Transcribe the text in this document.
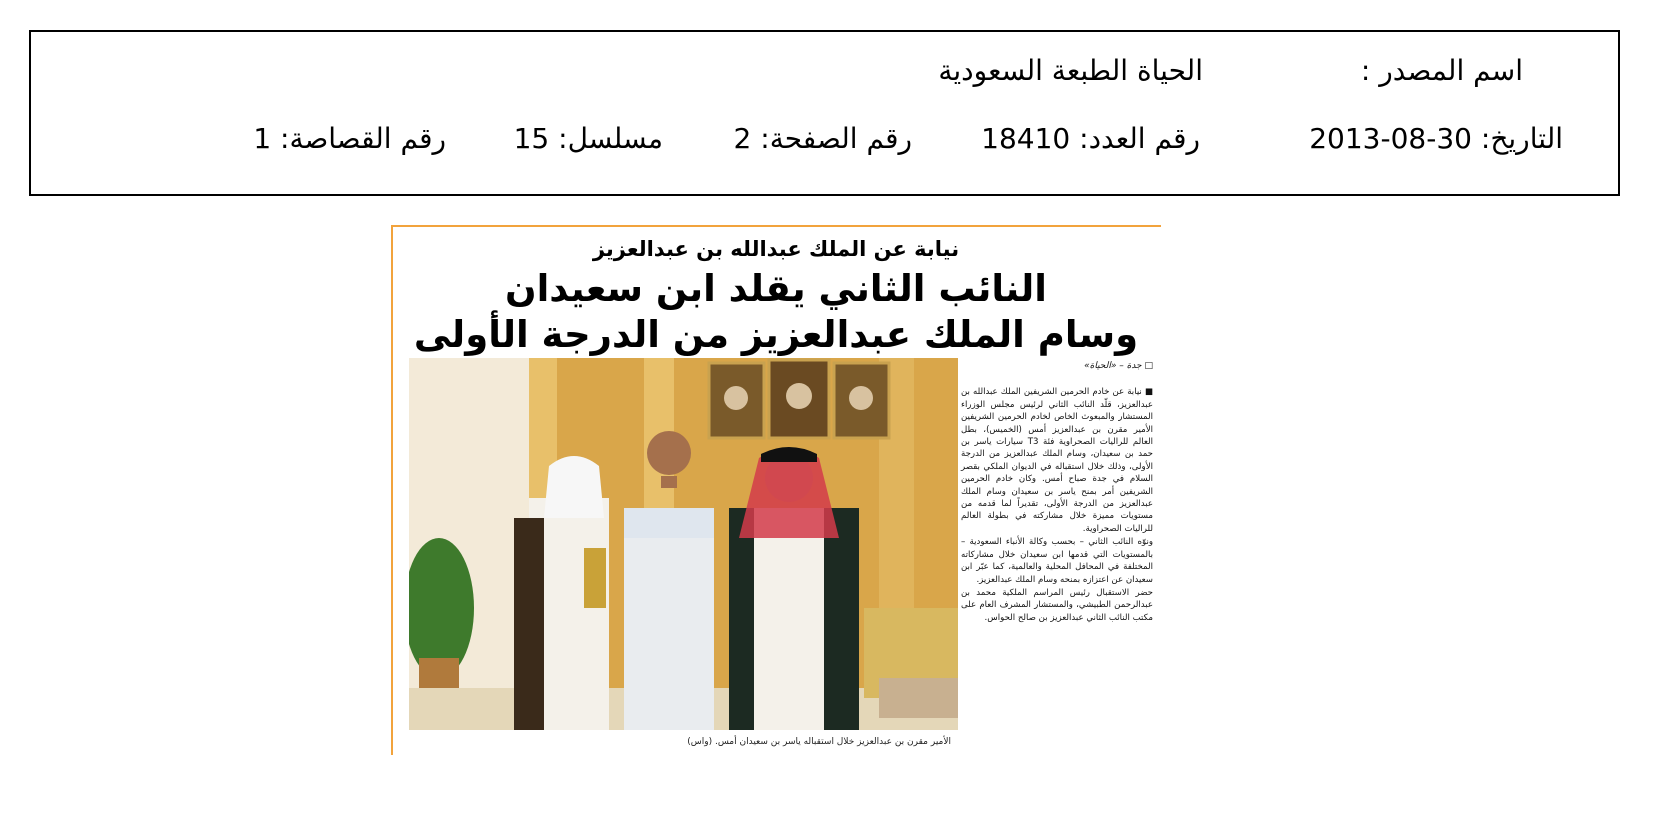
اسم المصدر :
الحياة الطبعة السعودية
التاريخ: 30-08-2013
رقم العدد: 18410
رقم الصفحة: 2
مسلسل: 15
رقم القصاصة: 1
نيابة عن الملك عبدالله بن عبدالعزيز
النائب الثاني يقلد ابن سعيدان
وسام الملك عبدالعزيز من الدرجة الأولى
الأمير مقرن بن عبدالعزيز خلال استقباله ياسر بن سعيدان أمس. (واس)
□ جدة – «الحياة»

■ نيابة عن خادم الحرمين الشريفين الملك عبدالله بن عبدالعزيز، قلّد النائب الثاني لرئيس مجلس الوزراء المستشار والمبعوث الخاص لخادم الحرمين الشريفين الأمير مقرن بن عبدالعزيز أمس (الخميس)، بطل العالم للراليات الصحراوية فئة T3 سيارات ياسر بن حمد بن سعيدان، وسام الملك عبدالعزيز من الدرجة الأولى، وذلك خلال استقباله في الديوان الملكي بقصر السلام في جدة صباح أمس. وكان خادم الحرمين الشريفين أمر بمنح ياسر بن سعيدان وسام الملك عبدالعزيز من الدرجة الأولى، تقديراً لما قدمه من مستويات مميزة خلال مشاركته في بطولة العالم للراليات الصحراوية.

ونوّه النائب الثاني – بحسب وكالة الأنباء السعودية – بالمستويات التي قدمها ابن سعيدان خلال مشاركاته المختلفة في المحافل المحلية والعالمية، كما عبّر ابن سعيدان عن اعتزازه بمنحه وسام الملك عبدالعزيز.

حضر الاستقبال رئيس المراسم الملكية محمد بن عبدالرحمن الطبيشي، والمستشار المشرف العام على مكتب النائب الثاني عبدالعزيز بن صالح الحواس.
